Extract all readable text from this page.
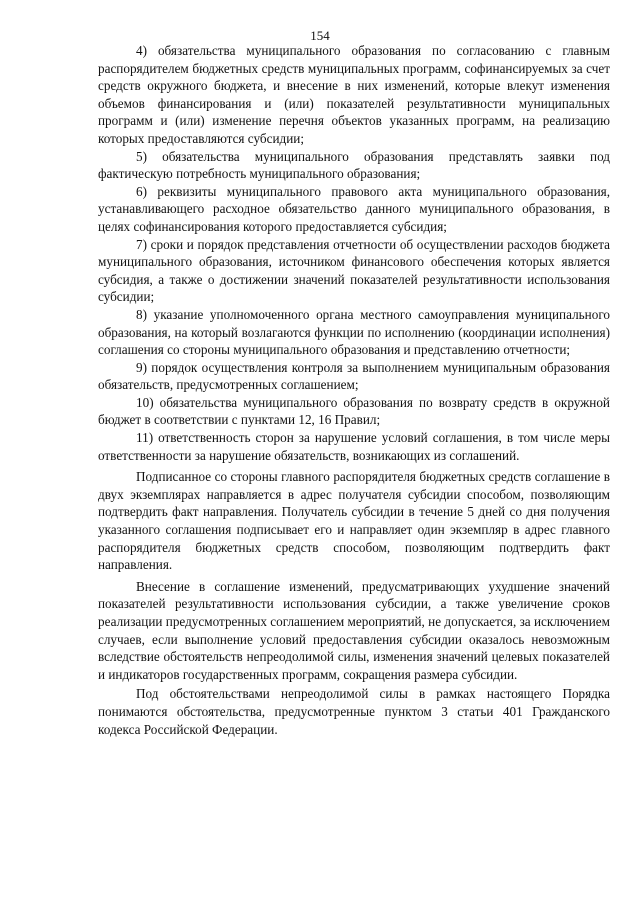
154

4) обязательства муниципального образования по согласованию с главным распорядителем бюджетных средств муниципальных программ, софинансируемых за счет средств окружного бюджета, и внесение в них изменений, которые влекут изменения объемов финансирования и (или) показателей результативности муниципальных программ и (или) изменение перечня объектов указанных программ, на реализацию которых предоставляются субсидии;

5) обязательства муниципального образования представлять заявки под фактическую потребность муниципального образования;

6) реквизиты муниципального правового акта муниципального образования, устанавливающего расходное обязательство данного муниципального образования, в целях софинансирования которого предоставляется субсидия;

7) сроки и порядок представления отчетности об осуществлении расходов бюджета муниципального образования, источником финансового обеспечения которых является субсидия, а также о достижении значений показателей результативности использования субсидии;

8) указание уполномоченного органа местного самоуправления муниципального образования, на который возлагаются функции по исполнению (координации исполнения) соглашения со стороны муниципального образования и представлению отчетности;

9) порядок осуществления контроля за выполнением муниципальным образования обязательств, предусмотренных соглашением;

10) обязательства муниципального образования по возврату средств в окружной бюджет в соответствии с пунктами 12, 16 Правил;

11) ответственность сторон за нарушение условий соглашения, в том числе меры ответственности за нарушение обязательств, возникающих из соглашений.

Подписанное со стороны главного распорядителя бюджетных средств соглашение в двух экземплярах направляется в адрес получателя субсидии способом, позволяющим подтвердить факт направления. Получатель субсидии в течение 5 дней со дня получения указанного соглашения подписывает его и направляет один экземпляр в адрес главного распорядителя бюджетных средств способом, позволяющим подтвердить факт направления.

Внесение в соглашение изменений, предусматривающих ухудшение значений показателей результативности использования субсидии, а также увеличение сроков реализации предусмотренных соглашением мероприятий, не допускается, за исключением случаев, если выполнение условий предоставления субсидии оказалось невозможным вследствие обстоятельств непреодолимой силы, изменения значений целевых показателей и индикаторов государственных программ, сокращения размера субсидии.

Под обстоятельствами непреодолимой силы в рамках настоящего Порядка понимаются обстоятельства, предусмотренные пунктом 3 статьи 401 Гражданского кодекса Российской Федерации.
